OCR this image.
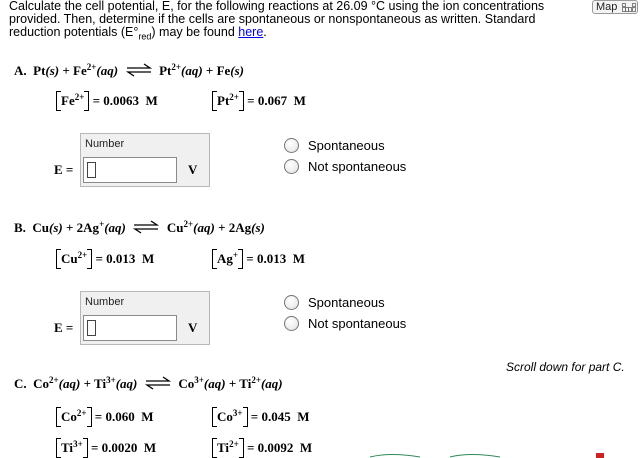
Calculate the cell potential, E, for the following reactions at 26.09 °C using the ion concentrations
provided. Then, determine if the cells are spontaneous or nonspontaneous as written. Standard
reduction potentials $(E^\circ_{red})$ may be found here.
Map
A. $Pt(s) + Fe^{2+}(aq)$ ⇌ $Pt^{2+}(aq) + Fe(s)$
$Fe^{2+} = 0.0063$ M	$Pt^{2+} = 0.067$ M
E =
Number
V
Spontaneous
Not spontaneous
B. Cu(s) + 2Ag+(aq) ⇌ $Cu^{2+}(aq) + 2Ag(s)$
$Cu^{2+} = 0.013$ M	Ag+ = 0.013 M
E =
Number
V
Spontaneous
Not spontaneous
Scroll down for part C.
C. $Co^{2+}(aq) + Ti^{3+}(aq)$ ⇌ $Co^{3+}(aq) + Ti^{2+}(aq)$
$Co^{2+} = 0.060$ M	$Co^{3+} = 0.045$ M
$Ti^{3+} = 0.0020$ M	$Ti^{2+} = 0.0092$ M
